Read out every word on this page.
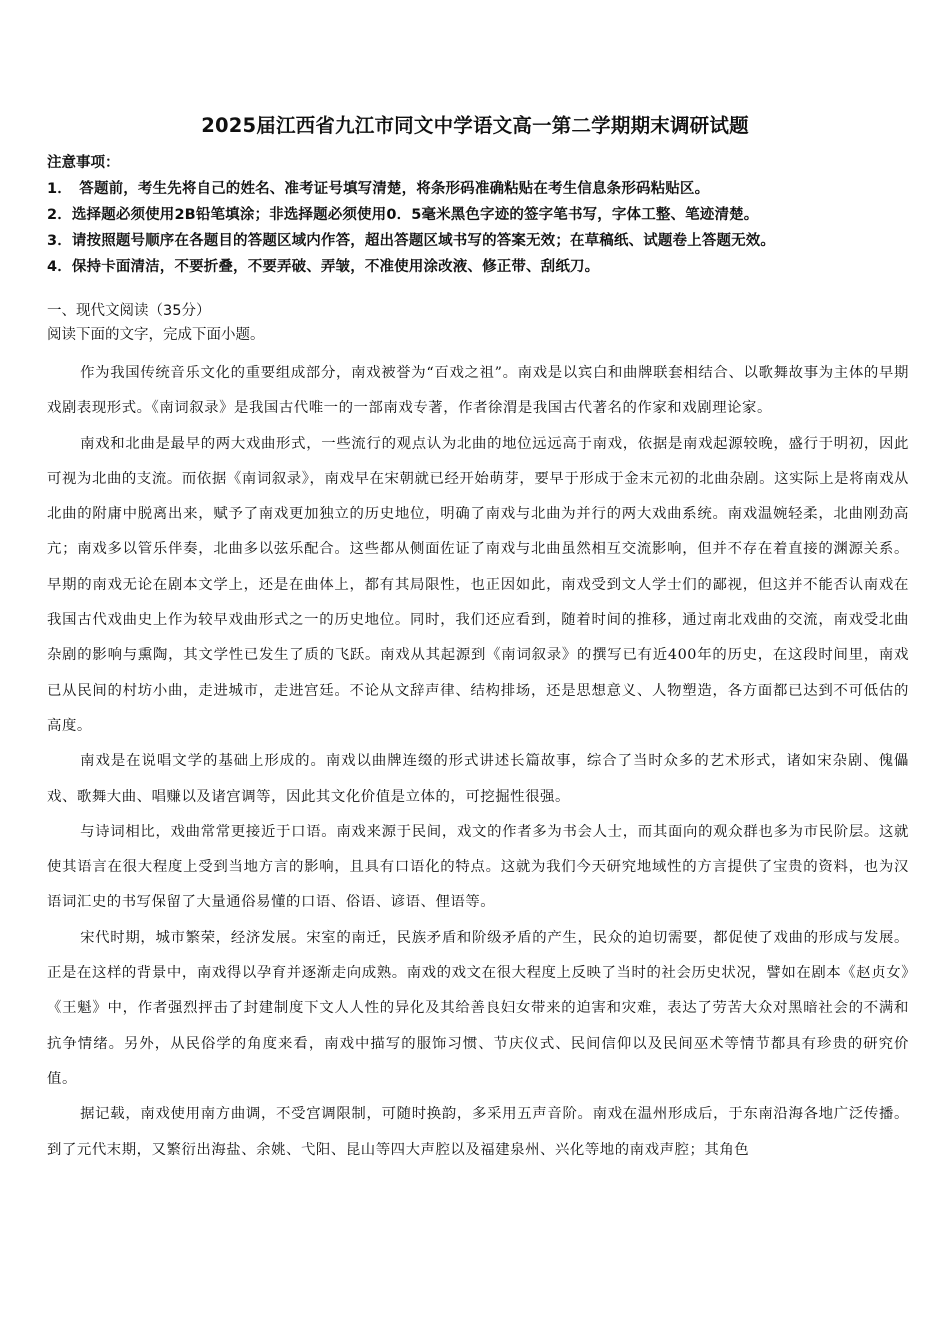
2025届江西省九江市同文中学语文高一第二学期期末调研试题
注意事项：
1．　答题前，考生先将自己的姓名、准考证号填写清楚，将条形码准确粘贴在考生信息条形码粘贴区。
2．选择题必须使用2B铅笔填涂；非选择题必须使用0．5毫米黑色字迹的签字笔书写，字体工整、笔迹清楚。
3．请按照题号顺序在各题目的答题区域内作答，超出答题区域书写的答案无效；在草稿纸、试题卷上答题无效。
4．保持卡面清洁，不要折叠，不要弄破、弄皱，不准使用涂改液、修正带、刮纸刀。
一、现代文阅读（35分）
阅读下面的文字，完成下面小题。

作为我国传统音乐文化的重要组成部分，南戏被誉为“百戏之祖”。南戏是以宾白和曲牌联套相结合、以歌舞故事为主体的早期戏剧表现形式。《南词叙录》是我国古代唯一的一部南戏专著，作者徐渭是我国古代著名的作家和戏剧理论家。

南戏和北曲是最早的两大戏曲形式，一些流行的观点认为北曲的地位远远高于南戏，依据是南戏起源较晚，盛行于明初，因此可视为北曲的支流。而依据《南词叙录》，南戏早在宋朝就已经开始萌芽，要早于形成于金末元初的北曲杂剧。这实际上是将南戏从北曲的附庸中脱离出来，赋予了南戏更加独立的历史地位，明确了南戏与北曲为并行的两大戏曲系统。南戏温婉轻柔，北曲刚劲高亢；南戏多以管乐伴奏，北曲多以弦乐配合。这些都从侧面佐证了南戏与北曲虽然相互交流影响，但并不存在着直接的渊源关系。早期的南戏无论在剧本文学上，还是在曲体上，都有其局限性，也正因如此，南戏受到文人学士们的鄙视，但这并不能否认南戏在我国古代戏曲史上作为较早戏曲形式之一的历史地位。同时，我们还应看到，随着时间的推移，通过南北戏曲的交流，南戏受北曲杂剧的影响与熏陶，其文学性已发生了质的飞跃。南戏从其起源到《南词叙录》的撰写已有近400年的历史，在这段时间里，南戏已从民间的村坊小曲，走进城市，走进宫廷。不论从文辞声律、结构排场，还是思想意义、人物塑造，各方面都已达到不可低估的高度。

南戏是在说唱文学的基础上形成的。南戏以曲牌连缀的形式讲述长篇故事，综合了当时众多的艺术形式，诸如宋杂剧、傀儡戏、歌舞大曲、唱赚以及诸宫调等，因此其文化价值是立体的，可挖掘性很强。

与诗词相比，戏曲常常更接近于口语。南戏来源于民间，戏文的作者多为书会人士，而其面向的观众群也多为市民阶层。这就使其语言在很大程度上受到当地方言的影响，且具有口语化的特点。这就为我们今天研究地域性的方言提供了宝贵的资料，也为汉语词汇史的书写保留了大量通俗易懂的口语、俗语、谚语、俚语等。

宋代时期，城市繁荣，经济发展。宋室的南迁，民族矛盾和阶级矛盾的产生，民众的迫切需要，都促使了戏曲的形成与发展。正是在这样的背景中，南戏得以孕育并逐渐走向成熟。南戏的戏文在很大程度上反映了当时的社会历史状况，譬如在剧本《赵贞女》《王魁》中，作者强烈抨击了封建制度下文人人性的异化及其给善良妇女带来的迫害和灾难，表达了劳苦大众对黑暗社会的不满和抗争情绪。另外，从民俗学的角度来看，南戏中描写的服饰习惯、节庆仪式、民间信仰以及民间巫术等情节都具有珍贵的研究价值。

据记载，南戏使用南方曲调，不受宫调限制，可随时换韵，多采用五声音阶。南戏在温州形成后，于东南沿海各地广泛传播。到了元代末期，又繁衍出海盐、余姚、弋阳、昆山等四大声腔以及福建泉州、兴化等地的南戏声腔；其角色
